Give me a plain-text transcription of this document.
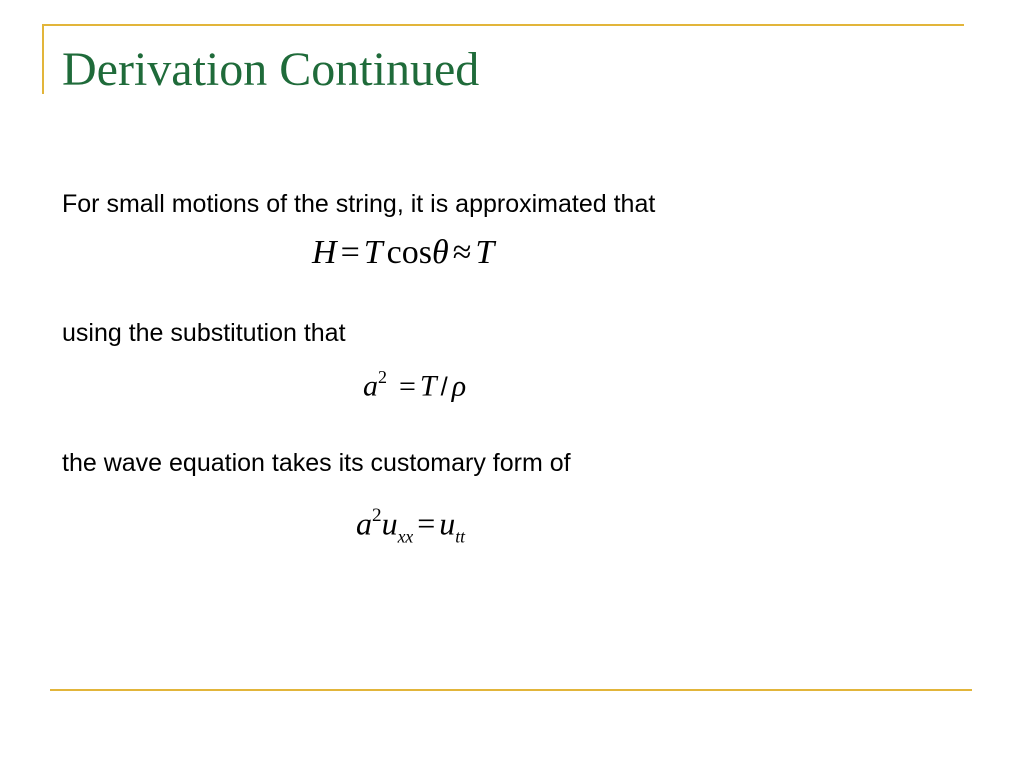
Derivation Continued

For small motions of the string, it is approximated that

H = T cosθ ≈ T

using the substitution that

$a^2 = T / \rho$

the wave equation takes its customary form of

$a^2u_{xx} = u_{tt}$
